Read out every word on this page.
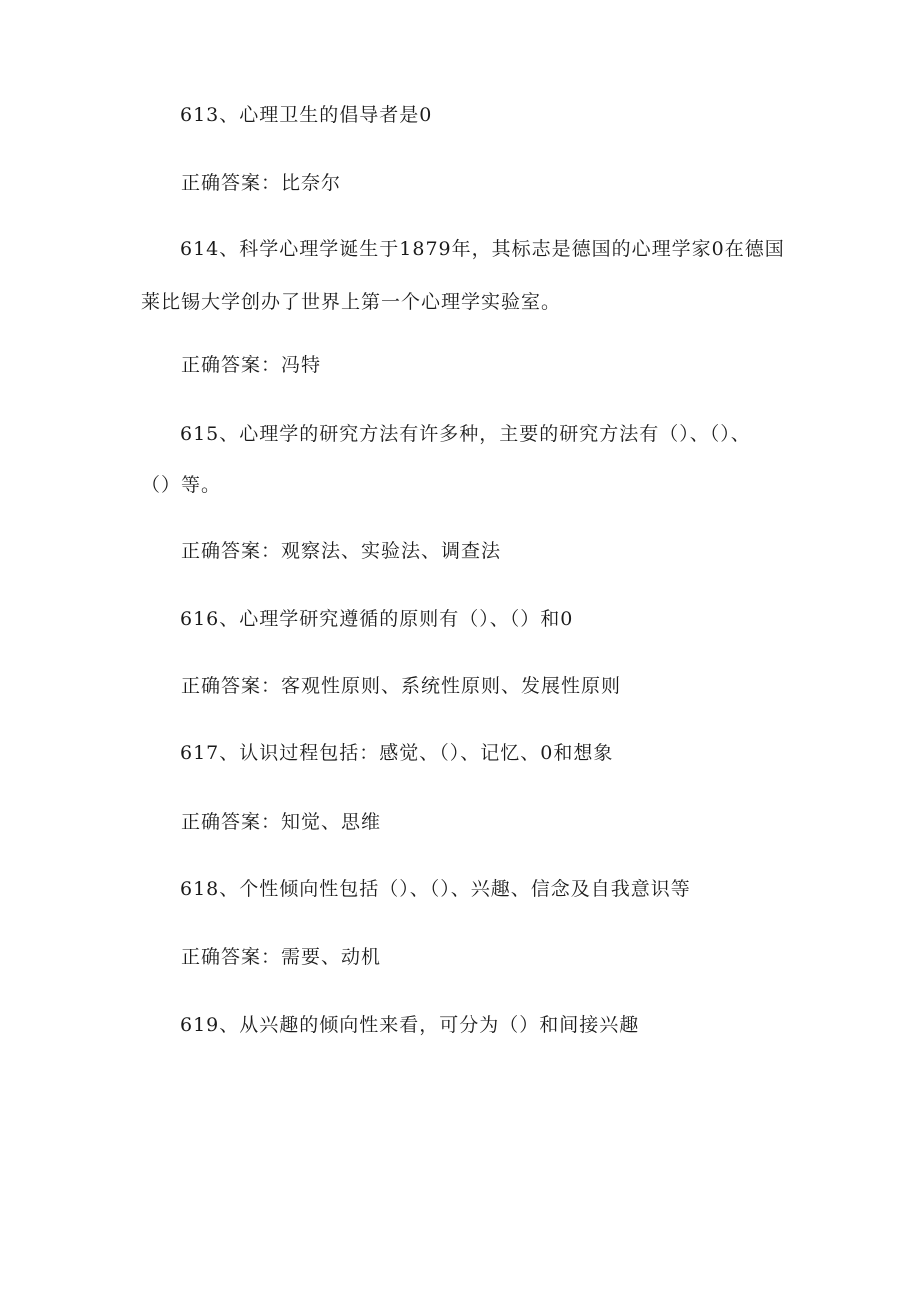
613、心理卫生的倡导者是0
正确答案：比奈尔
614、科学心理学诞生于1879年，其标志是德国的心理学家0在德国
莱比锡大学创办了世界上第一个心理学实验室。
正确答案：冯特
615、心理学的研究方法有许多种，主要的研究方法有（）、（）、
（）等。
正确答案：观察法、实验法、调查法
616、心理学研究遵循的原则有（）、（）和0
正确答案：客观性原则、系统性原则、发展性原则
617、认识过程包括：感觉、（）、记忆、0和想象
正确答案：知觉、思维
618、个性倾向性包括（）、（）、兴趣、信念及自我意识等
正确答案：需要、动机
619、从兴趣的倾向性来看，可分为（）和间接兴趣
